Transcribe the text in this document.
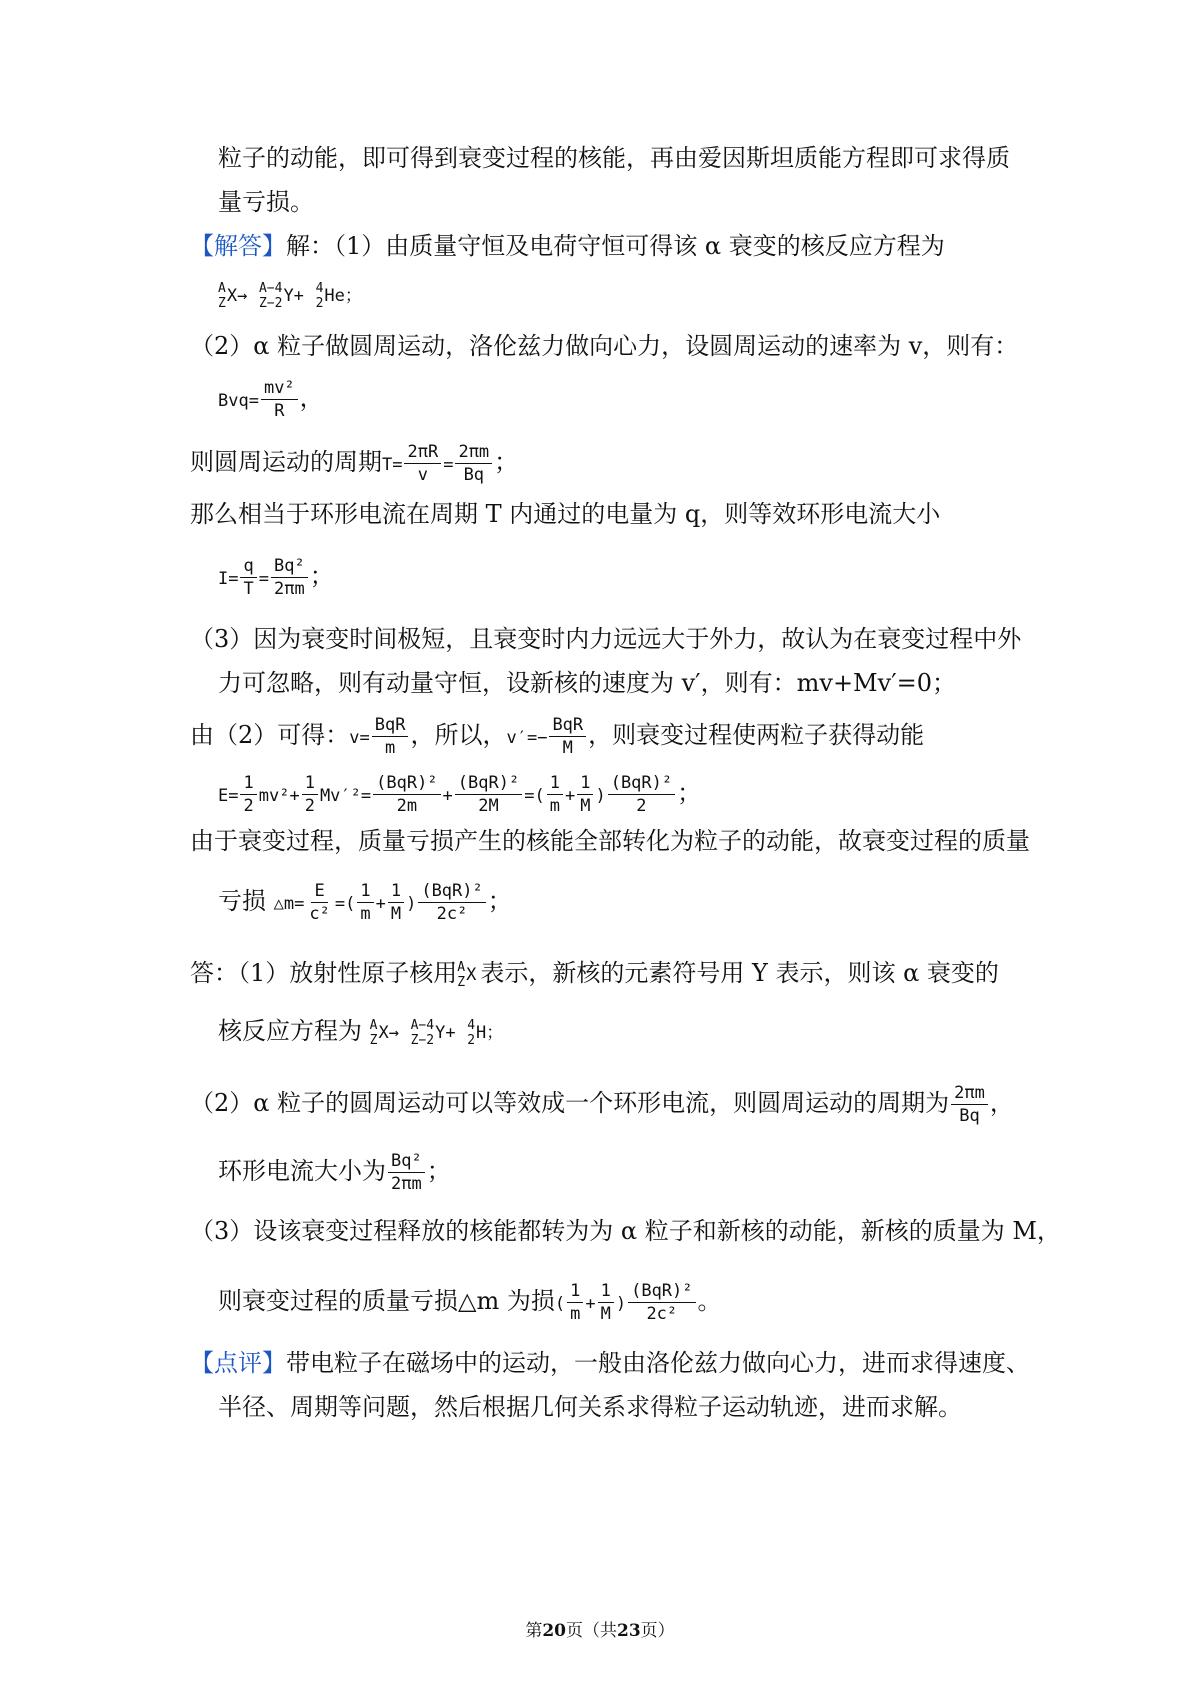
粒子的动能，即可得到衰变过程的核能，再由爱因斯坦质能方程即可求得质
量亏损。
【解答】解：（1）由质量守恒及电荷守恒可得该 α 衰变的核反应方程为
A
Z X→
A−4
Z−2 Y+
4
2 He；
（2）α 粒子做圆周运动，洛伦兹力做向心力，设圆周运动的速率为 v，则有：
$Bvq= \frac{\text{mv²}}{R}$ ，
则圆周运动的周期$T= \frac{2\pi R}{v} = \frac{2\pi m}{Bq}$ ；
那么相当于环形电流在周期 T 内通过的电量为 q，则等效环形电流大小
$I= \frac{q}{T} = \frac{\text{Bq²}}{2\pi m}$ ；
（3）因为衰变时间极短，且衰变时内力远远大于外力，故认为在衰变过程中外
力可忽略，则有动量守恒，设新核的速度为 v′，则有：mv+Mv′=0；
由（2）可得：$v= \frac{\text{BqR}}{m}$ ，所以，$v'=- \frac{\text{BqR}}{M}$ ，则衰变过程使两粒子获得动能
$E= \frac{1}{2} mv^2+ \frac{1}{2} Mv'^2= \frac{\text{(BqR)²}}{2m} + \frac{\text{(BqR)²}}{2M}$ =( $\frac{1}{m} + \frac{1}{M}$ ) $\frac{\text{(BqR)²}}{2}$ ；
由于衰变过程，质量亏损产生的核能全部转化为粒子的动能，故衰变过程的质量
亏损 △m= $\frac{E}{\text{c²}}$ =( $\frac{1}{m} + \frac{1}{M}$ ) $\frac{\text{(BqR)²}}{\text{2c²}}$ ；
答：（1）放射性原子核用 A
Z X 表示，新核的元素符号用 Y 表示，则该 α 衰变的
核反应方程为 A
Z X→
A−4
Z−2 Y+
4
2 H；
（2）α 粒子的圆周运动可以等效成一个环形电流，则圆周运动的周期为 $\frac{2\pi m}{Bq}$ ，
环形电流大小为 $\frac{\text{Bq²}}{2\pi m}$ ；
（3）设该衰变过程释放的核能都转为为 α 粒子和新核的动能，新核的质量为 M，
则衰变过程的质量亏损△m 为损( $\frac{1}{m} + \frac{1}{M}$ ) $\frac{\text{(BqR)²}}{\text{2c²}}$ 。
【点评】带电粒子在磁场中的运动，一般由洛伦兹力做向心力，进而求得速度、
半径、周期等问题，然后根据几何关系求得粒子运动轨迹，进而求解。
第20页（共23页）
